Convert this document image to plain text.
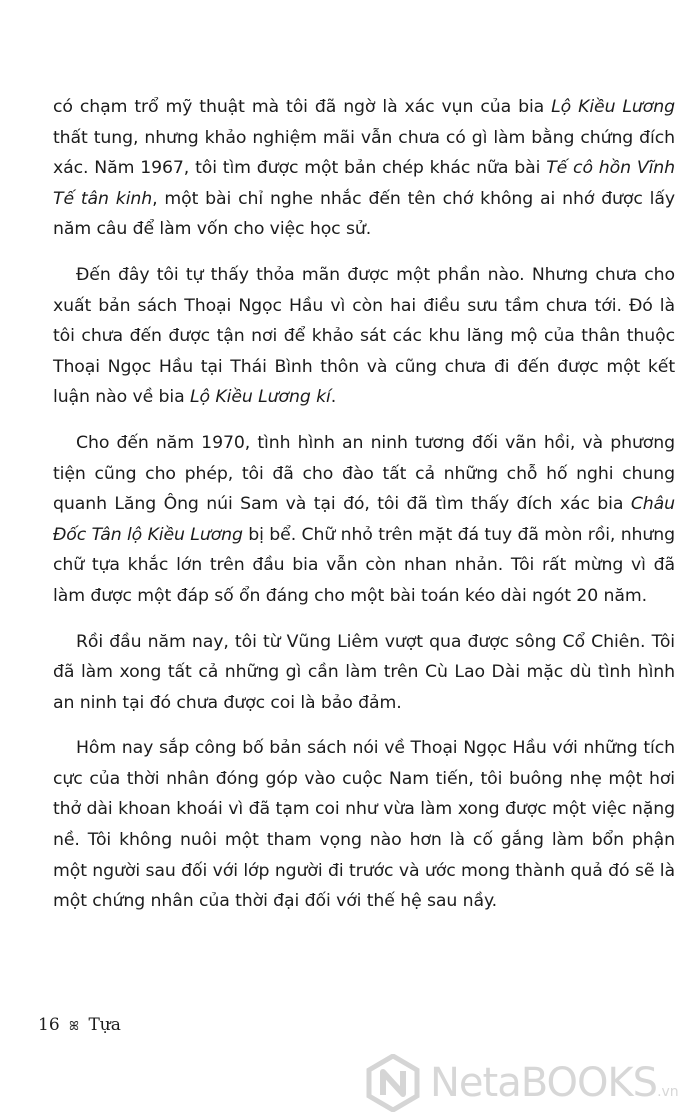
có chạm trổ mỹ thuật mà tôi đã ngờ là xác vụn của bia Lộ Kiều Lương thất tung, nhưng khảo nghiệm mãi vẫn chưa có gì làm bằng chứng đích xác. Năm 1967, tôi tìm được một bản chép khác nữa bài Tế cô hồn Vĩnh Tế tân kinh, một bài chỉ nghe nhắc đến tên chớ không ai nhớ được lấy năm câu để làm vốn cho việc học sử.

Đến đây tôi tự thấy thỏa mãn được một phần nào. Nhưng chưa cho xuất bản sách Thoại Ngọc Hầu vì còn hai điều sưu tầm chưa tới. Đó là tôi chưa đến được tận nơi để khảo sát các khu lăng mộ của thân thuộc Thoại Ngọc Hầu tại Thái Bình thôn và cũng chưa đi đến được một kết luận nào về bia Lộ Kiều Lương kí.

Cho đến năm 1970, tình hình an ninh tương đối vãn hồi, và phương tiện cũng cho phép, tôi đã cho đào tất cả những chỗ hố nghi chung quanh Lăng Ông núi Sam và tại đó, tôi đã tìm thấy đích xác bia Châu Đốc Tân lộ Kiều Lương bị bể. Chữ nhỏ trên mặt đá tuy đã mòn rồi, nhưng chữ tựa khắc lớn trên đầu bia vẫn còn nhan nhản. Tôi rất mừng vì đã làm được một đáp số ổn đáng cho một bài toán kéo dài ngót 20 năm.

Rồi đầu năm nay, tôi từ Vũng Liêm vượt qua được sông Cổ Chiên. Tôi đã làm xong tất cả những gì cần làm trên Cù Lao Dài mặc dù tình hình an ninh tại đó chưa được coi là bảo đảm.

Hôm nay sắp công bố bản sách nói về Thoại Ngọc Hầu với những tích cực của thời nhân đóng góp vào cuộc Nam tiến, tôi buông nhẹ một hơi thở dài khoan khoái vì đã tạm coi như vừa làm xong được một việc nặng nề. Tôi không nuôi một tham vọng nào hơn là cố gắng làm bổn phận một người sau đối với lớp người đi trước và ước mong thành quả đó sẽ là một chứng nhân của thời đại đối với thế hệ sau nầy.

16 ꕤ Tựa
NetaBOOKS.vn
